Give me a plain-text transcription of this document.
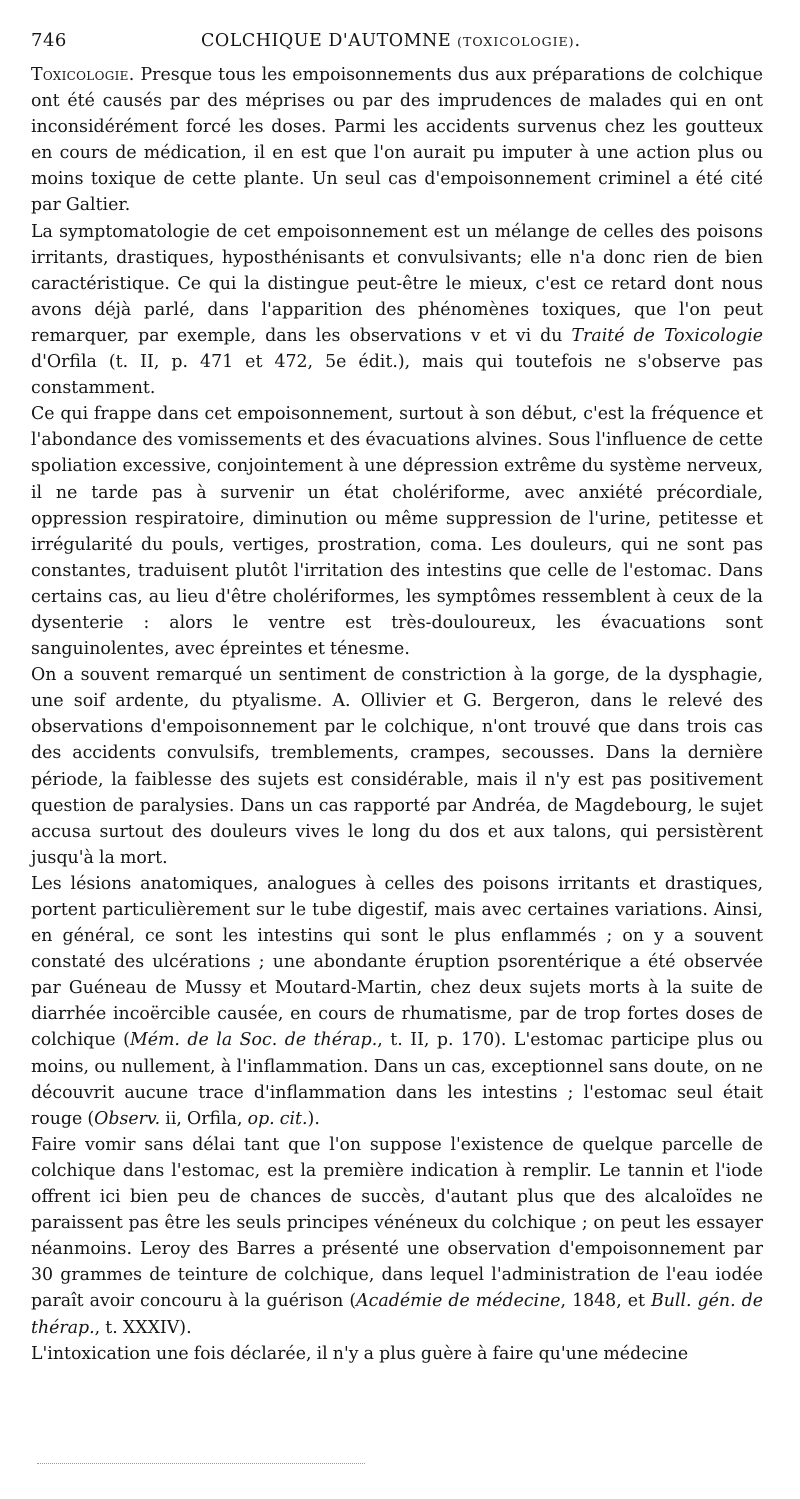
746	COLCHIQUE D'AUTOMNE (TOXICOLOGIE).

Toxicologie. Presque tous les empoisonnements dus aux préparations de colchique ont été causés par des méprises ou par des imprudences de malades qui en ont inconsidérément forcé les doses. Parmi les accidents survenus chez les goutteux en cours de médication, il en est que l'on aurait pu imputer à une action plus ou moins toxique de cette plante. Un seul cas d'empoisonnement criminel a été cité par Galtier.

La symptomatologie de cet empoisonnement est un mélange de celles des poisons irritants, drastiques, hyposthénisants et convulsivants; elle n'a donc rien de bien caractéristique. Ce qui la distingue peut-être le mieux, c'est ce retard dont nous avons déjà parlé, dans l'apparition des phénomènes toxiques, que l'on peut remarquer, par exemple, dans les observations v et vi du Traité de Toxicologie d'Orfila (t. II, p. 471 et 472, 5e édit.), mais qui toutefois ne s'observe pas constamment.

Ce qui frappe dans cet empoisonnement, surtout à son début, c'est la fréquence et l'abondance des vomissements et des évacuations alvines. Sous l'influence de cette spoliation excessive, conjointement à une dépression extrême du système nerveux, il ne tarde pas à survenir un état cholériforme, avec anxiété précordiale, oppression respiratoire, diminution ou même suppression de l'urine, petitesse et irrégularité du pouls, vertiges, prostration, coma. Les douleurs, qui ne sont pas constantes, traduisent plutôt l'irritation des intestins que celle de l'estomac. Dans certains cas, au lieu d'être cholériformes, les symptômes ressemblent à ceux de la dysenterie : alors le ventre est très-douloureux, les évacuations sont sanguinolentes, avec épreintes et ténesme.

On a souvent remarqué un sentiment de constriction à la gorge, de la dysphagie, une soif ardente, du ptyalisme. A. Ollivier et G. Bergeron, dans le relevé des observations d'empoisonnement par le colchique, n'ont trouvé que dans trois cas des accidents convulsifs, tremblements, crampes, secousses. Dans la dernière période, la faiblesse des sujets est considérable, mais il n'y est pas positivement question de paralysies. Dans un cas rapporté par Andréa, de Magdebourg, le sujet accusa surtout des douleurs vives le long du dos et aux talons, qui persistèrent jusqu'à la mort.

Les lésions anatomiques, analogues à celles des poisons irritants et drastiques, portent particulièrement sur le tube digestif, mais avec certaines variations. Ainsi, en général, ce sont les intestins qui sont le plus enflammés ; on y a souvent constaté des ulcérations ; une abondante éruption psorentérique a été observée par Guéneau de Mussy et Moutard-Martin, chez deux sujets morts à la suite de diarrhée incoërcible causée, en cours de rhumatisme, par de trop fortes doses de colchique (Mém. de la Soc. de thérap., t. II, p. 170). L'estomac participe plus ou moins, ou nullement, à l'inflammation. Dans un cas, exceptionnel sans doute, on ne découvrit aucune trace d'inflammation dans les intestins ; l'estomac seul était rouge (Observ. ii, Orfila, op. cit.).

Faire vomir sans délai tant que l'on suppose l'existence de quelque parcelle de colchique dans l'estomac, est la première indication à remplir. Le tannin et l'iode offrent ici bien peu de chances de succès, d'autant plus que des alcaloïdes ne paraissent pas être les seuls principes vénéneux du colchique ; on peut les essayer néanmoins. Leroy des Barres a présenté une observation d'empoisonnement par 30 grammes de teinture de colchique, dans lequel l'administration de l'eau iodée paraît avoir concouru à la guérison (Académie de médecine, 1848, et Bull. gén. de thérap., t. XXXIV).

L'intoxication une fois déclarée, il n'y a plus guère à faire qu'une médecine
